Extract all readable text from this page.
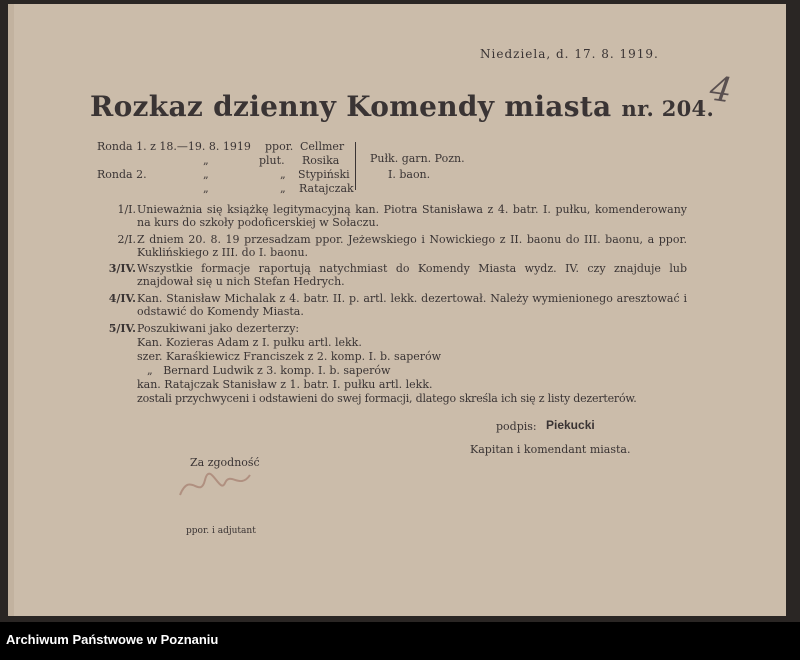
Niedziela, d. 17. 8. 1919.
4
Rozkaz dzienny Komendy miasta nr. 204.
Ronda 1. z 18.—19. 8. 1919
Ronda 2.
„
„
„
ppor.
plut.
„
„
Cellmer
Rosika
Stypiński
Ratajczak
Pułk. garn. Pozn.
I. baon.
1/I. Unieważnia się książkę legitymacyjną kan. Piotra Stanisława z 4. batr. I. pułku, komenderowany na kurs do szkoły podoficerskiej w Sołaczu.
2/I. Z dniem 20. 8. 19 przesadzam ppor. Jeżewskiego i Nowickiego z II. baonu do III. baonu, a ppor. Kuklińskiego z III. do I. baonu.
3/IV. Wszystkie formacje raportują natychmiast do Komendy Miasta wydz. IV. czy znajduje lub znajdował się u nich Stefan Hedrych.
4/IV. Kan. Stanisław Michalak z 4. batr. II. p. artl. lekk. dezertował. Należy wymienionego aresztować i odstawić do Komendy Miasta.
5/IV. Poszukiwani jako dezerterzy:
Kan. Kozieras Adam z I. pułku artl. lekk.
szer. Karaśkiewicz Franciszek z 2. komp. I. b. saperów
„   Bernard Ludwik z 3. komp. I. b. saperów
kan. Ratajczak Stanisław z 1. batr. I. pułku artl. lekk.
zostali przychwyceni i odstawieni do swej formacji, dlatego skreśla ich się z listy dezerterów.
podpis: Piekucki
Kapitan i komendant miasta.
Za zgodność
ppor. i adjutant
Archiwum Państwowe w Poznaniu
